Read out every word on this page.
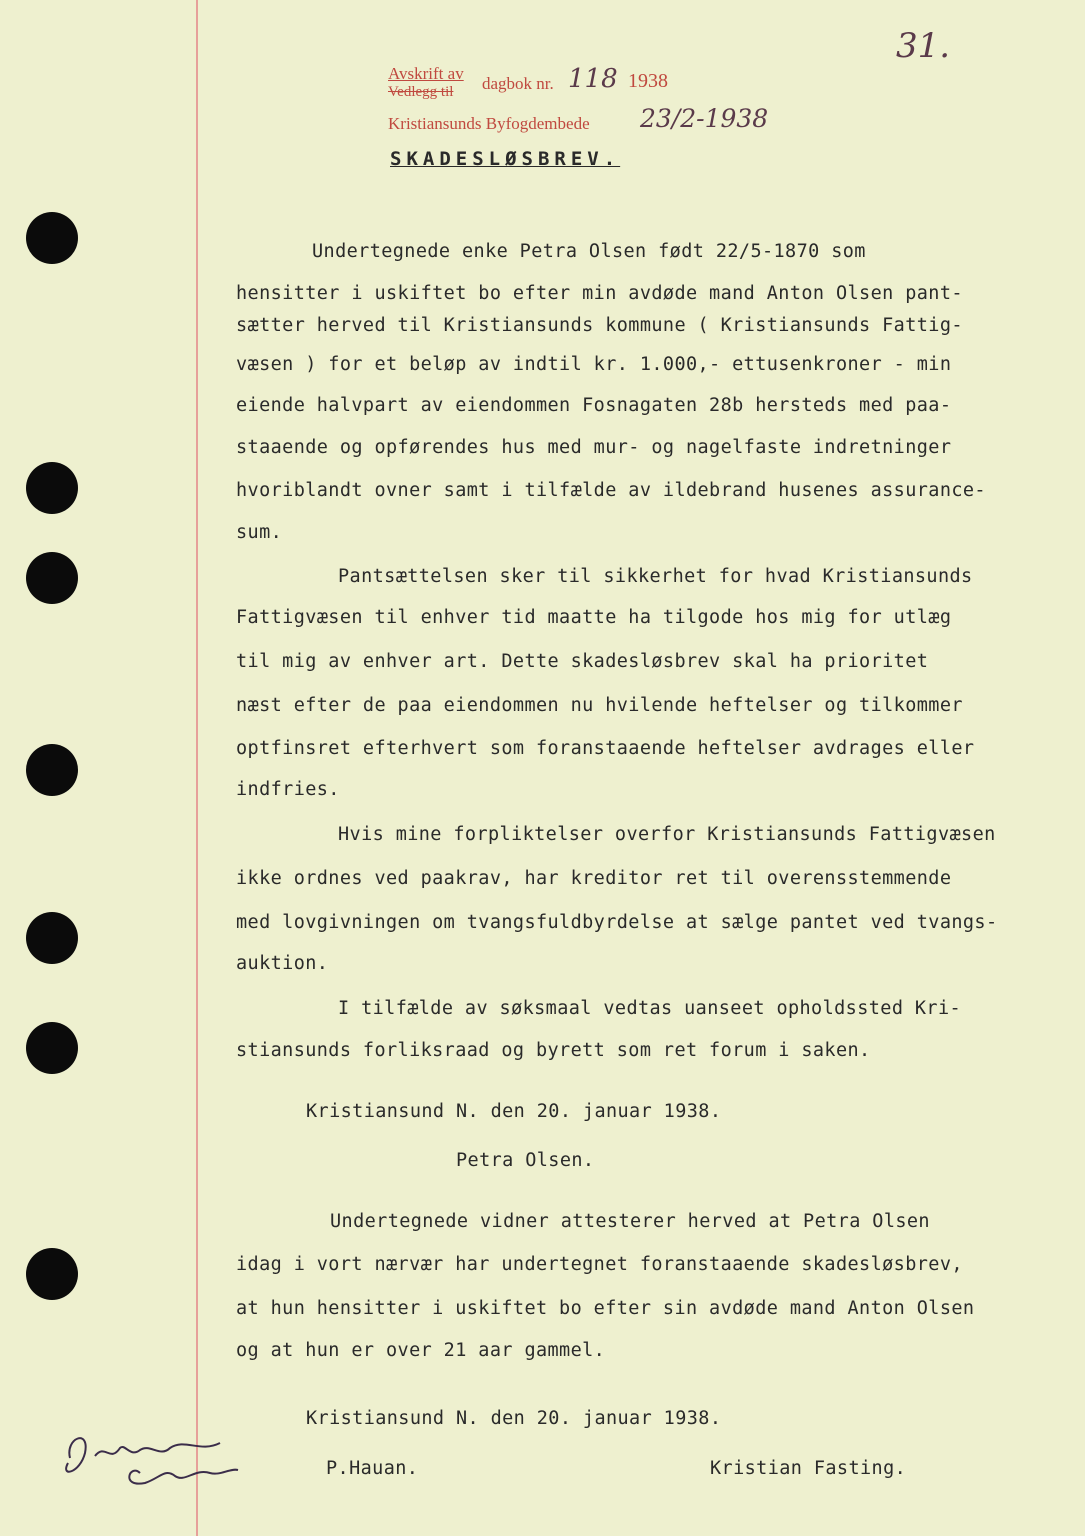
Avskrift av
Vedlegg til dagbok nr. 118 1938
Kristiansunds Byfogdembede 23/2-1938
31.
SKADESLØSBREV.
Undertegnede enke Petra Olsen født 22/5-1870 som
hensitter i uskiftet bo efter min avdøde mand Anton Olsen pant-
sætter herved til Kristiansunds kommune ( Kristiansunds Fattig-
væsen ) for et beløp av indtil kr. 1.000,- ettusenkroner - min
eiende halvpart av eiendommen Fosnagaten 28b hersteds med paa-
staaende og opførendes hus med mur- og nagelfaste indretninger
hvoriblandt ovner samt i tilfælde av ildebrand husenes assurance-
sum.
Pantsættelsen sker til sikkerhet for hvad Kristiansunds
Fattigvæsen til enhver tid maatte ha tilgode hos mig for utlæg
til mig av enhver art. Dette skadesløsbrev skal ha prioritet
næst efter de paa eiendommen nu hvilende heftelser og tilkommer
optfinsret efterhvert som foranstaaende heftelser avdrages eller
indfries.
Hvis mine forpliktelser overfor Kristiansunds Fattigvæsen
ikke ordnes ved paakrav, har kreditor ret til overensstemmende
med lovgivningen om tvangsfuldbyrdelse at sælge pantet ved tvangs-
auktion.
I tilfælde av søksmaal vedtas uanseet opholdssted Kri-
stiansunds forliksraad og byrett som ret forum i saken.
Kristiansund N. den 20. januar 1938.
Petra Olsen.
Undertegnede vidner attesterer herved at Petra Olsen
idag i vort nærvær har undertegnet foranstaaende skadesløsbrev,
at hun hensitter i uskiftet bo efter sin avdøde mand Anton Olsen
og at hun er over 21 aar gammel.
Kristiansund N. den 20. januar 1938.
P.Hauan.	Kristian Fasting.
